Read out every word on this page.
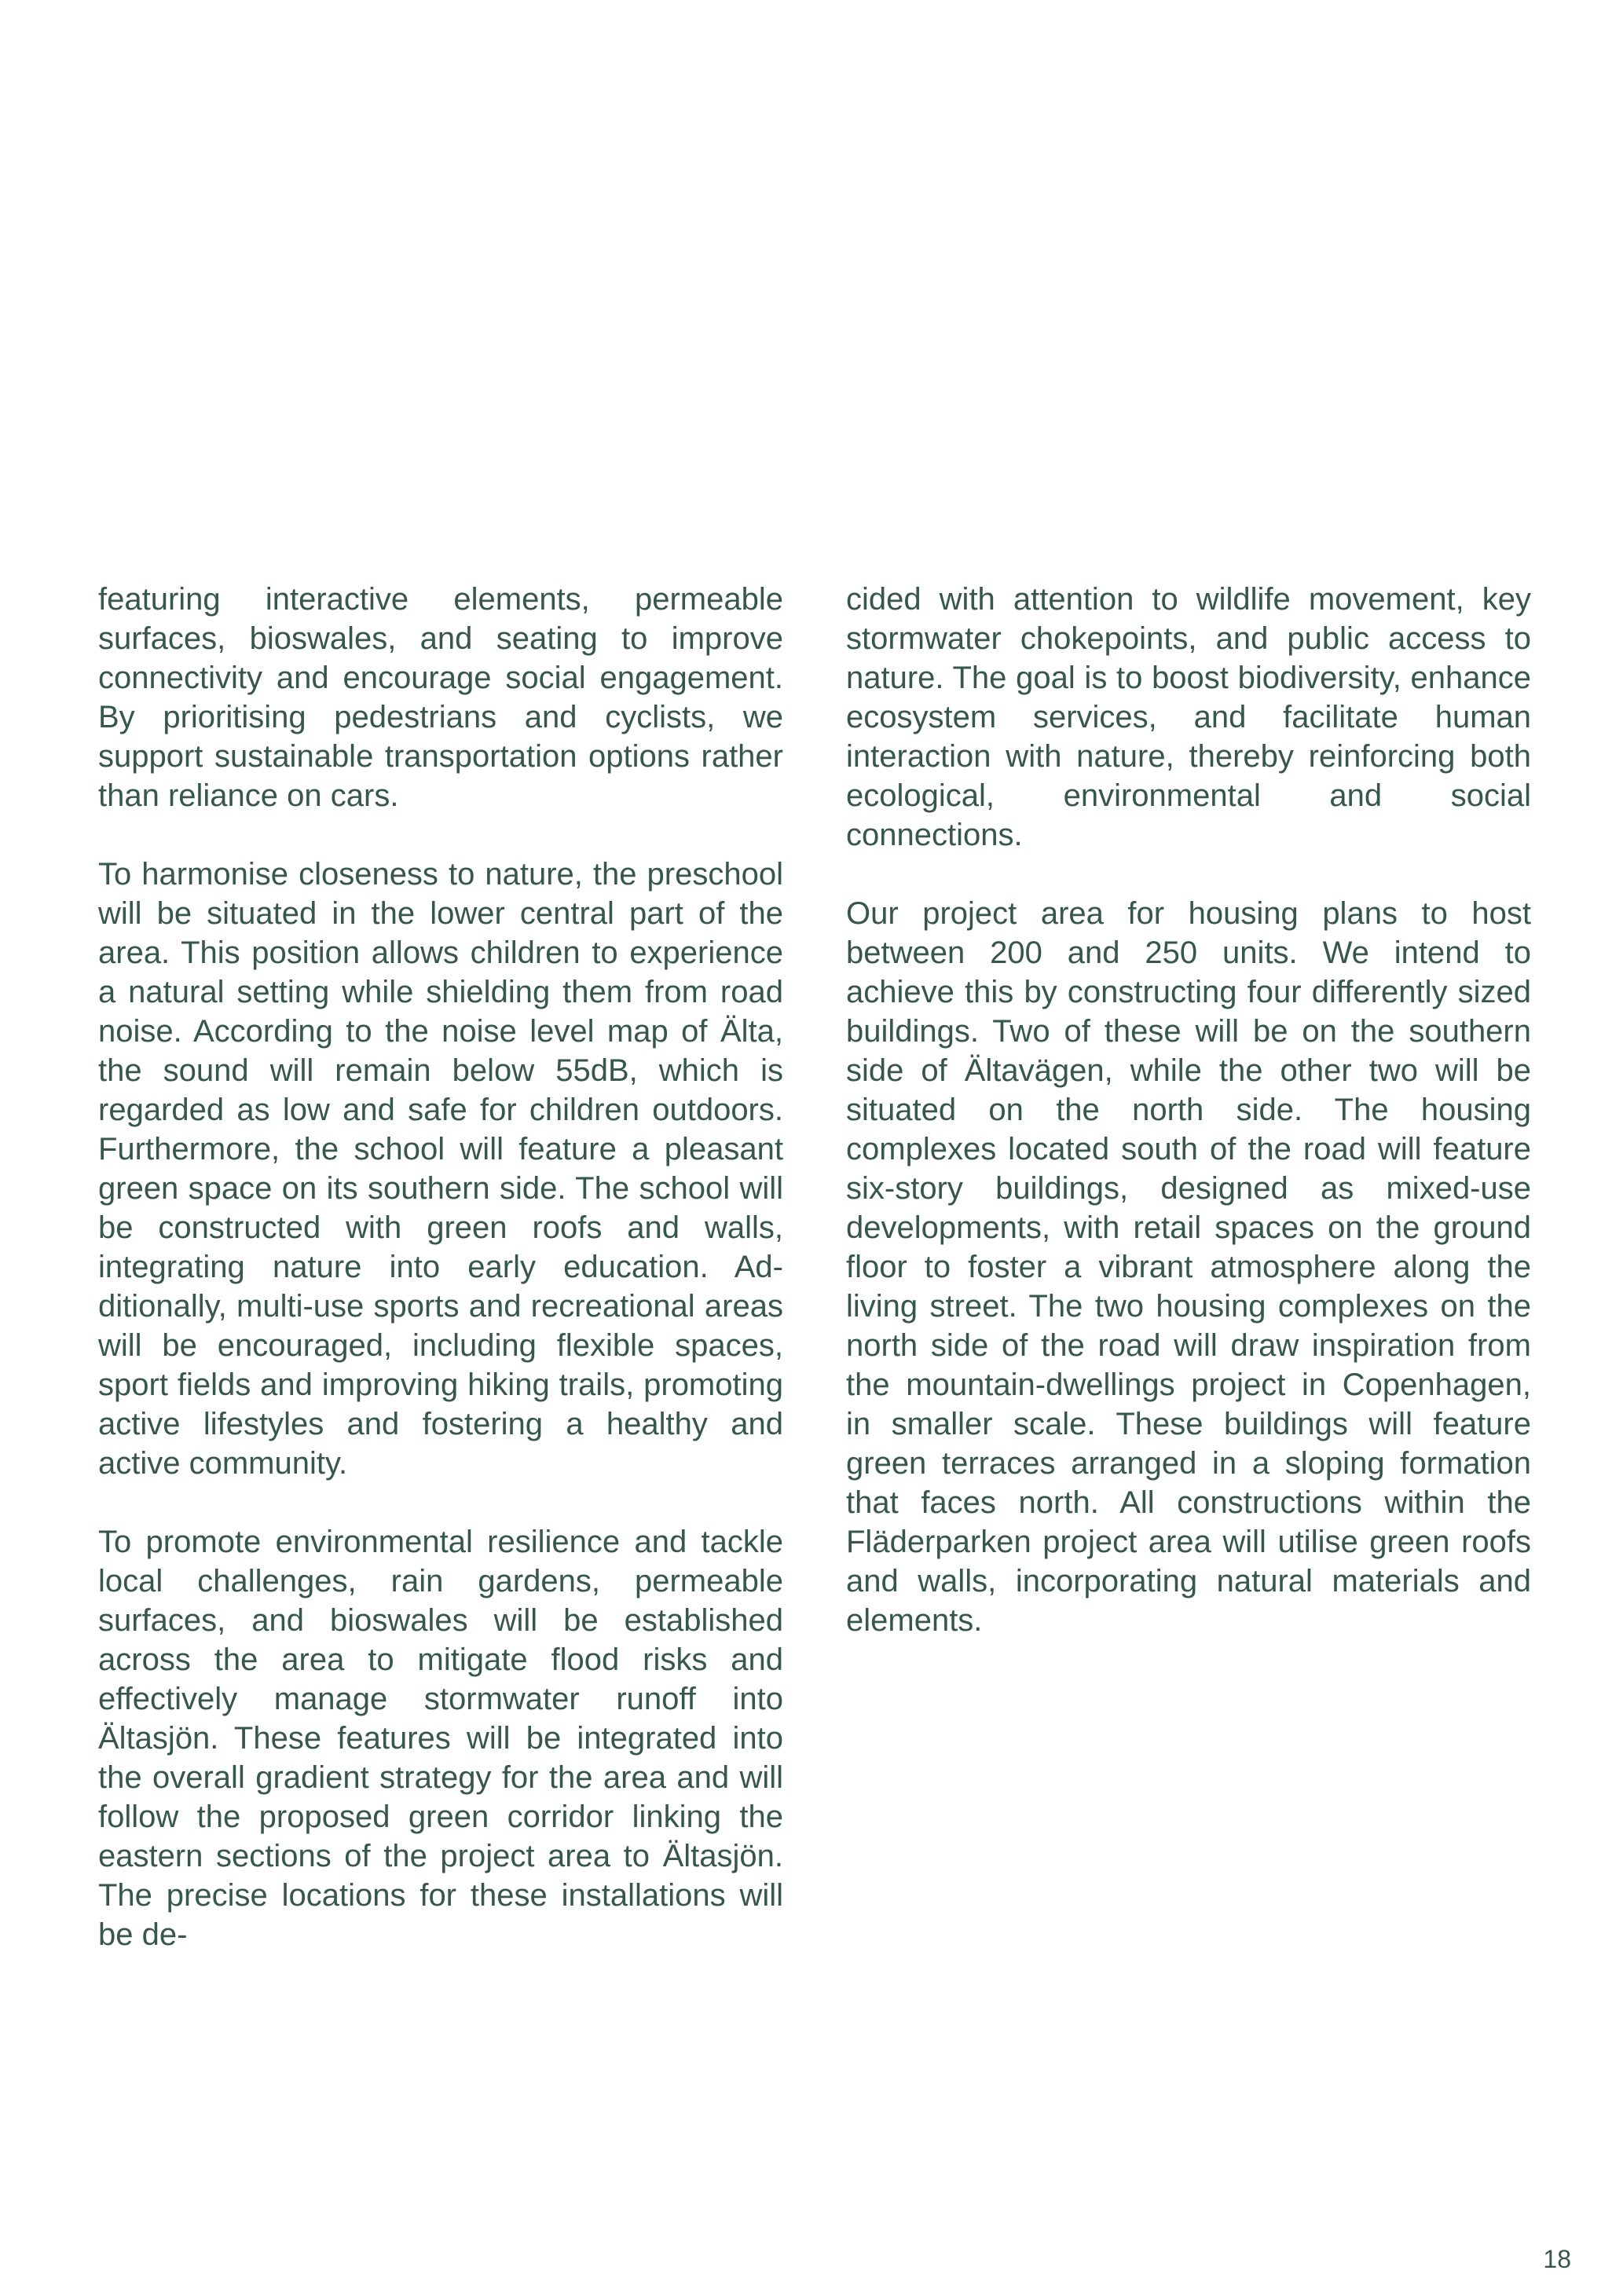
featuring interactive elements, permeable surfaces, bioswales, and seating to improve connectivity and encourage social engagement. By prioritising pedestrians and cyclists, we support sustainable transportation options rather than reliance on cars.

To harmonise closeness to nature, the preschool will be situated in the lower central part of the area. This position allows children to experience a natural setting while shielding them from road noise. According to the noise level map of Älta, the sound will remain below 55dB, which is regarded as low and safe for children outdoors. Furthermore, the school will feature a pleasant green space on its southern side. The school will be constructed with green roofs and walls, integrating nature into early education. Additionally, multi-use sports and recreational areas will be encouraged, including flexible spaces, sport fields and improving hiking trails, promoting active lifestyles and fostering a healthy and active community.

To promote environmental resilience and tackle local challenges, rain gardens, permeable surfaces, and bioswales will be established across the area to mitigate flood risks and effectively manage stormwater runoff into Ältasjön. These features will be integrated into the overall gradient strategy for the area and will follow the proposed green corridor linking the eastern sections of the project area to Ältasjön. The precise locations for these installations will be de-

cided with attention to wildlife movement, key stormwater chokepoints, and public access to nature. The goal is to boost biodiversity, enhance ecosystem services, and facilitate human interaction with nature, thereby reinforcing both ecological, environmental and social connections.

Our project area for housing plans to host between 200 and 250 units. We intend to achieve this by constructing four differently sized buildings. Two of these will be on the southern side of Ältavägen, while the other two will be situated on the north side. The housing complexes located south of the road will feature six-story buildings, designed as mixed-use developments, with retail spaces on the ground floor to foster a vibrant atmosphere along the living street. The two housing complexes on the north side of the road will draw inspiration from the mountain-dwellings project in Copenhagen, in smaller scale. These buildings will feature green terraces arranged in a sloping formation that faces north. All constructions within the Fläderparken project area will utilise green roofs and walls, incorporating natural materials and elements.

18
